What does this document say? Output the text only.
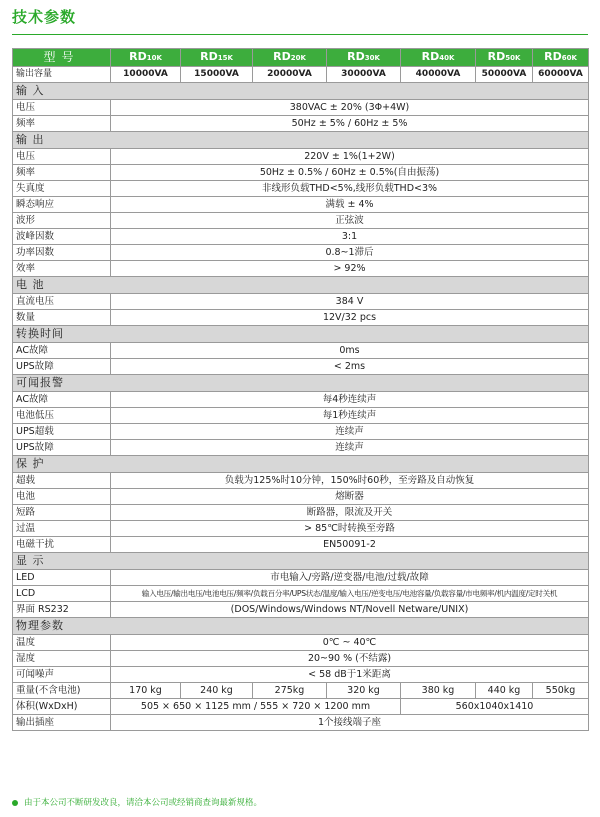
技术参数
型号	RD10K	RD15K	RD20K	RD30K	RD40K	RD50K	RD60K
输出容量	10000VA	15000VA	20000VA	30000VA	40000VA	50000VA	60000VA
输 入							
电压	380VAC ± 20% (3Φ+4W)						
频率	50Hz ± 5% / 60Hz ± 5%						
输 出							
电压	220V ± 1%(1+2W)						
频率	50Hz ± 0.5% / 60Hz ± 0.5%(自由振荡)						
失真度	非线形负载THD<5%,线形负载THD<3%						
瞬态响应	满载 ± 4%						
波形	正弦波						
波峰因数	3:1						
功率因数	0.8~1滞后						
效率	> 92%						
电 池							
直流电压	384 V						
数量	12V/32 pcs						
转换时间							
AC故障	0ms						
UPS故障	< 2ms						
可闻报警							
AC故障	每4秒连续声						
电池低压	每1秒连续声						
UPS超载	连续声						
UPS故障	连续声						
保 护							
超载	负载为125%时10分钟，150%时60秒，至旁路及自动恢复						
电池	熔断器						
短路	断路器，限流及开关						
过温	> 85℃时转换至旁路						
电磁干扰	EN50091-2						
显 示							
LED	市电输入/旁路/逆变器/电池/过载/故障						
LCD	输入电压/输出电压/电池电压/频率/负载百分率/UPS状态/温度/输入电压/逆变电压/电池容量/负载容量/市电频率/机内温度/定时关机						
界面 RS232	(DOS/Windows/Windows NT/Novell Netware/UNIX)						
物理参数							
温度	0℃ ~ 40℃						
湿度	20~90 % (不结露)						
可闻噪声	< 58 dB于1米距离						
重量(不含电池)	170 kg	240 kg	275kg	320 kg	380 kg	440 kg	550kg
体积(WxDxH)	505 × 650 × 1125 mm / 555 × 720 × 1200 mm				560x1040x1410		
输出插座	1个接线端子座						
由于本公司不断研发改良，请洽本公司或经销商查询最新规格。
